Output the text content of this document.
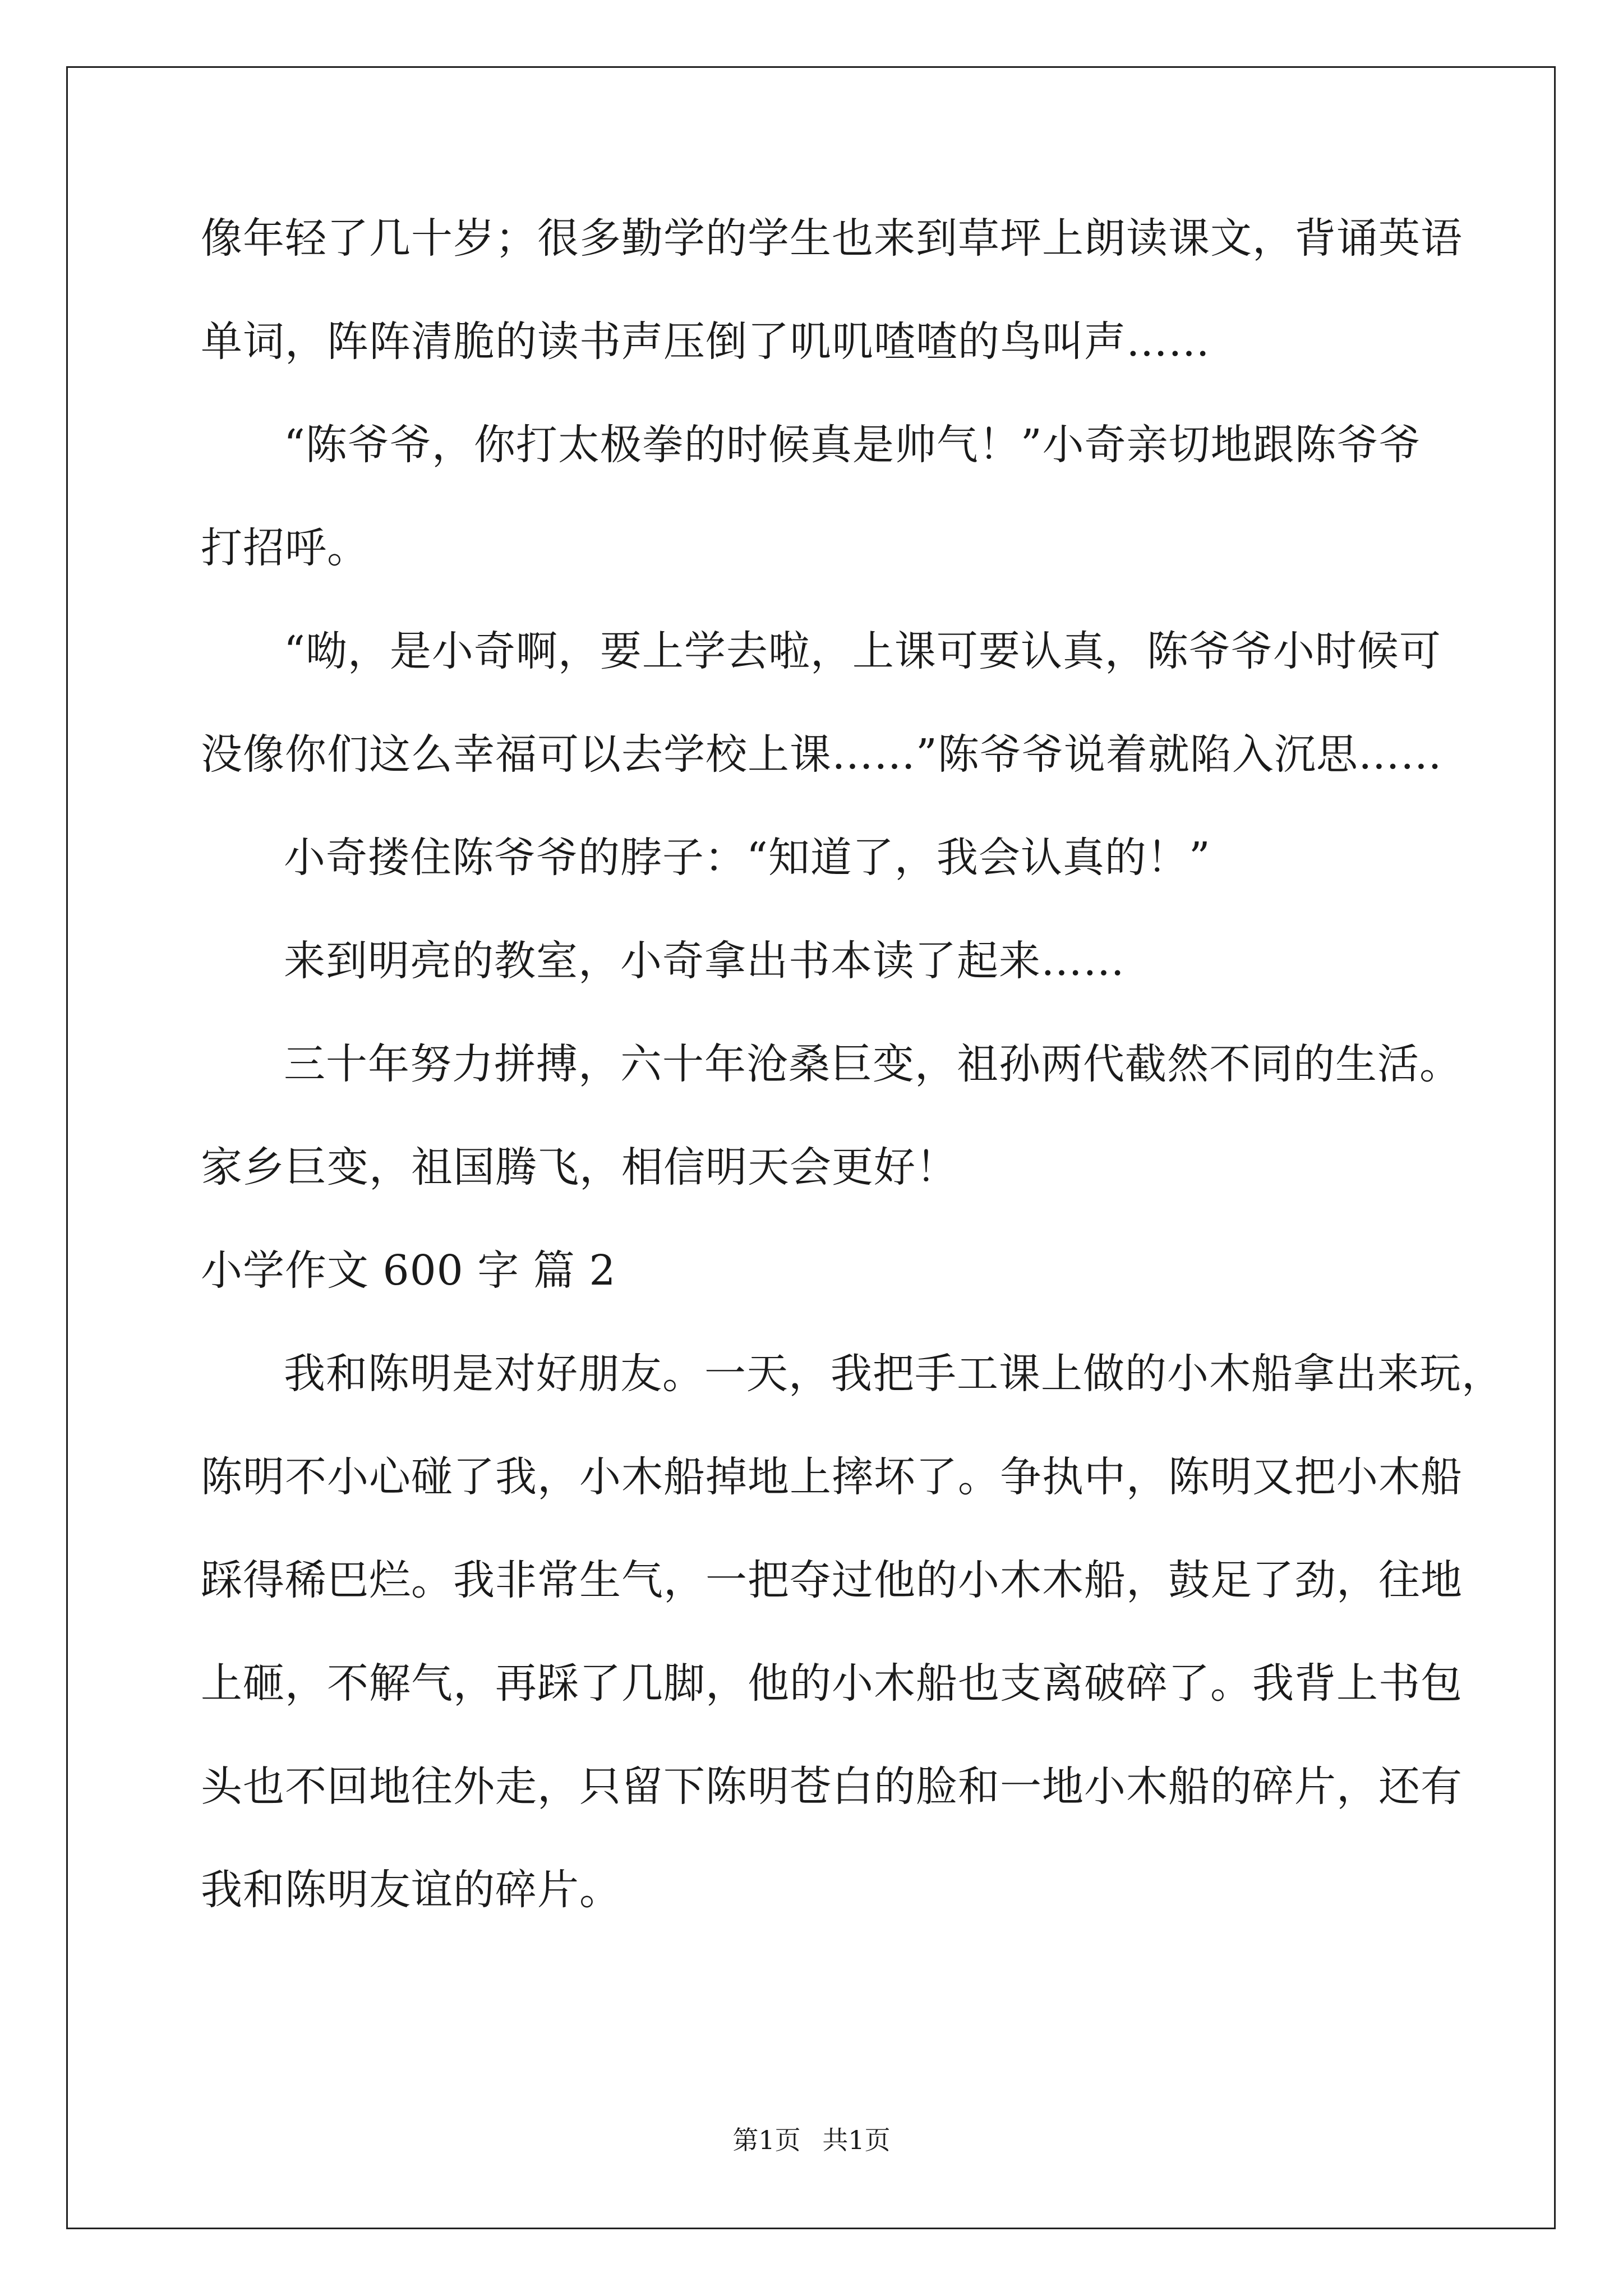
像年轻了几十岁；很多勤学的学生也来到草坪上朗读课文，背诵英语
单词，阵阵清脆的读书声压倒了叽叽喳喳的鸟叫声……
“陈爷爷，你打太极拳的时候真是帅气！”小奇亲切地跟陈爷爷
打招呼。
“呦，是小奇啊，要上学去啦，上课可要认真，陈爷爷小时候可
没像你们这么幸福可以去学校上课……”陈爷爷说着就陷入沉思……
小奇搂住陈爷爷的脖子：“知道了，我会认真的！”
来到明亮的教室，小奇拿出书本读了起来……
三十年努力拼搏，六十年沧桑巨变，祖孙两代截然不同的生活。
家乡巨变，祖国腾飞，相信明天会更好！
小学作文 600 字 篇 2
我和陈明是对好朋友。一天，我把手工课上做的小木船拿出来玩，
陈明不小心碰了我，小木船掉地上摔坏了。争执中，陈明又把小木船
踩得稀巴烂。我非常生气，一把夺过他的小木木船，鼓足了劲，往地
上砸，不解气，再踩了几脚，他的小木船也支离破碎了。我背上书包
头也不回地往外走，只留下陈明苍白的脸和一地小木船的碎片，还有
我和陈明友谊的碎片。
第1页 共1页
